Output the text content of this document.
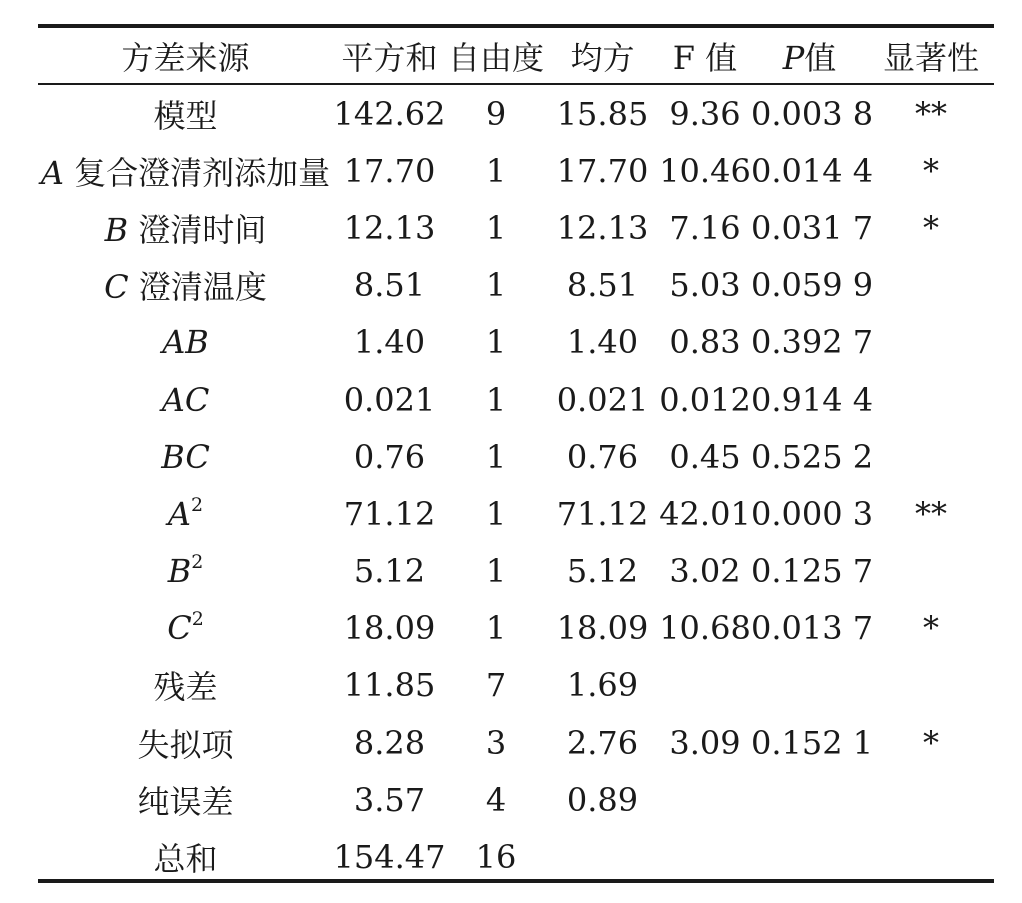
方差来源	平方和	自由度	均方	F 值	P值	显著性
模型	142.62	9	15.85	9.36	0.003 8	**
A 复合澄清剂添加量	17.70	1	17.70	10.46	0.014 4	*
B 澄清时间	12.13	1	12.13	7.16	0.031 7	*
C 澄清温度	8.51	1	8.51	5.03	0.059 9	
AB	1.40	1	1.40	0.83	0.392 7	
AC	0.021	1	0.021	0.012	0.914 4	
BC	0.76	1	0.76	0.45	0.525 2	
$A^2$	71.12	1	71.12	42.01	0.000 3	**
$B^2$	5.12	1	5.12	3.02	0.125 7	
$C^2$	18.09	1	18.09	10.68	0.013 7	*
残差	11.85	7	1.69			
失拟项	8.28	3	2.76	3.09	0.152 1	*
纯误差	3.57	4	0.89			
总和	154.47	16				
